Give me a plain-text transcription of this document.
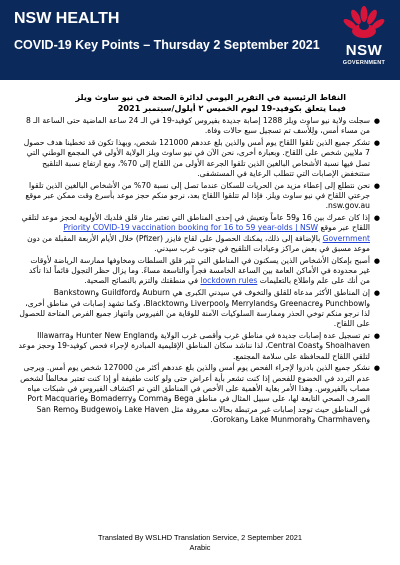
NSW HEALTH
COVID-19 Key Points – Thursday 2 September 2021	NSW
GOVERNMENT
النقاط الرئيسية في التقرير اليومي لدائرة الصحة في نيو ساوث ويلز
فيما يتعلق بكوفيد-19 ليوم الخميس ٢ أيلول/سبتمبر 2021
●
سجلت ولاية نيو ساوث ويلز 1288 إصابة جديدة بفيروس كوفيد-19 في الـ 24 ساعة الماضية حتى الساعة الـ 8 من مساء أمس، ولِلأسف تم تسجيل سبع حالات وفاة.
●
تشكر جميع الذين تلقوا اللقاح يوم أمس والذين بلغ عددهم 121000 شخص، وبهذا تكون قد تخطينا هدف حصول 7 ملايين شخص على اللقاح. وبعبارة أخرى، نحن الآن في نيو ساوث ويلز الولاية الأولى في المجمع الوطني التي تصل فيها نسبة الأشخاص البالغين الذين تلقوا الجرعة الأولى من اللقاح إلى 70%، ومع ارتفاع نسبة التلقيح ستنخفض الإصابات التي تتطلب الرعاية في المستشفى.
●
نحن نتطلع إلى إعطاء مزيد من الحريات للسكان عندما تصل إلى نسبة 70% من الأشخاص البالغين الذين تلقوا جرعتي اللقاح في نيو ساوث ويلز. فإذا لم تتلقوا اللقاح بعد، نرجو منكم حجز موعد بأسرع وقت ممكن عبر موقع nsw.gov.au.
●
إذا كان عمرك بين 16 و59 عاماً وتعيش في إحدى المناطق التي تعتبر مثار قلق فلديك الأولوية لحجز موعد لتلقي اللقاح عبر موقع Priority COVID-19 vaccination booking for 16 to 59 year-olds | NSW Government بالإضافة إلى ذلك، يمكنك الحصول على لقاح فايزر (Pfizer) خلال الأيام الأربعة المقبلة من دون موعد مسبق في بعض مراكز وعيادات التلقيح في جنوب غرب سيدني.
●
أصبح بإمكان الأشخاص الذين يسكنون في المناطق التي تثير قلق السلطات ومخاوفها ممارسة الرياضة لأوقات غير محدودة في الأماكن العامة بين الساعة الخامسة فجراً والتاسعة مساءً. وما يزال حظر التجول قائماً لذا تأكد من أنك على علم واطلاع بالتعليمات lockdown rules في منطقتك والتزم بالنصائح الصحية.
●
إن المناطق الأكثر مدعاة للقلق والتخوف في سيدني الكبرى هي Auburn وGuildford وBankstown وPunchbowl وGreenacre وMerrylands وLiverpool وBlacktown، وكما تشهد إصابات في مناطق أخرى، لذا نرجو منكم توخي الحذر وممارسة السلوكيات الآمنة للوقاية من الفيروس وانتهاز جميع الفرص المتاحة للحصول على اللقاح.
●
تم تسجيل عدة إصابات جديدة في مناطق غرب وأقصى غرب الولاية وHunter New England وIllawarra Shoalhaven وCentral Coast، لذا نناشد سكان المناطق الإقليمية المبادرة لإجراء فحص كوفيد-19 وحجز موعد لتلقي اللقاح للمحافظة على سلامة المجتمع.
●
نشكر جميع الذين بادروا لإجراء الفحص يوم أمس والذين بلغ عددهم أكثر من 127000 شخص يوم أمس. ويرجى عدم التردد في الخضوع للفحص إذا كنت تشعر بأية أعراض حتى ولو كانت طفيفة أو إذا كنت تعتبر مخالطاً لشخص مصاب بالفيروس. وهذا الأمر بغاية الأهمية على الأخص في المناطق التي تم اكتشاف الفيروس في شبكات مياه الصرف الصحي التابعة لها، على سبيل المثال في مناطق Bega وComma وBomaderry وPort Macquarie في المناطق حيث توجد إصابات غير مرتبطة بحالات معروفة مثل Lake Haven وBudgewoi وSan Remo وCharmhaven وLake Munmorah وGorokan.
Translated By WSLHD Translation Service, 2 September 2021
Arabic
